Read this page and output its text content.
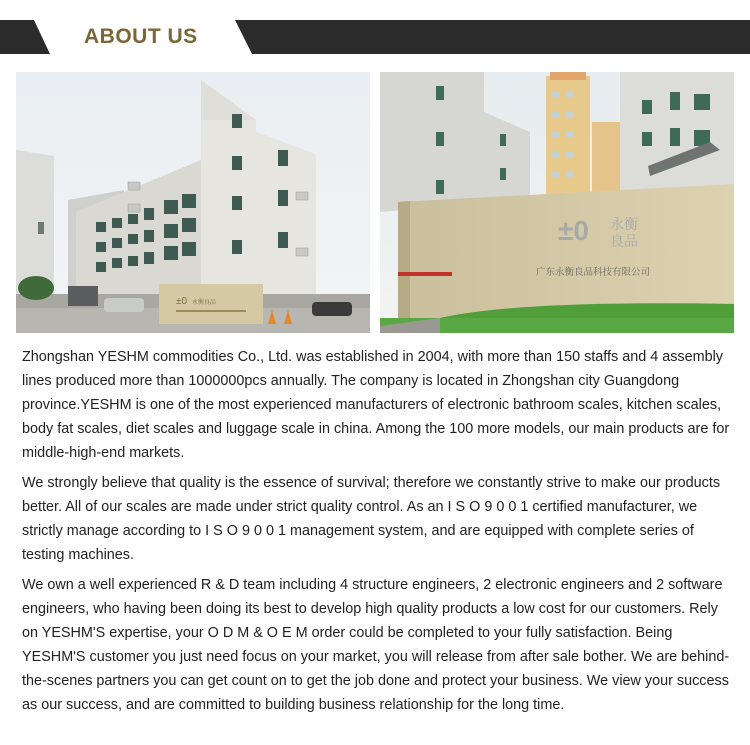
ABOUT US
±0 永衡良品
±0 永衡
良品
广东永衡良品科技有限公司

Zhongshan YESHM commodities Co., Ltd. was established in 2004, with more than 150 staffs and 4 assembly lines produced more than 1000000pcs annually. The company is located in Zhongshan city Guangdong province.YESHM is one of the most experienced manufacturers of electronic bathroom scales, kitchen scales, body fat scales, diet scales and luggage scale in china. Among the 100 more models, our main products are for middle-high-end markets.

We strongly believe that quality is the essence of survival; therefore we constantly strive to make our products better. All of our scales are made under strict quality control. As an I S O 9 0 0 1 certified manufacturer, we strictly manage according to I S O 9 0 0 1 management system, and are equipped with complete series of testing machines.

We own a well experienced R & D team including 4 structure engineers, 2 electronic engineers and 2 software engineers, who having been doing its best to develop high quality products a low cost for our customers. Rely on YESHM'S expertise, your O D M & O E M order could be completed to your fully satisfaction. Being YESHM'S customer you just need focus on your market, you will release from after sale bother. We are behind-the-scenes partners you can get count on to get the job done and protect your business. We view your success as our success, and are committed to building business relationship for the long time.
